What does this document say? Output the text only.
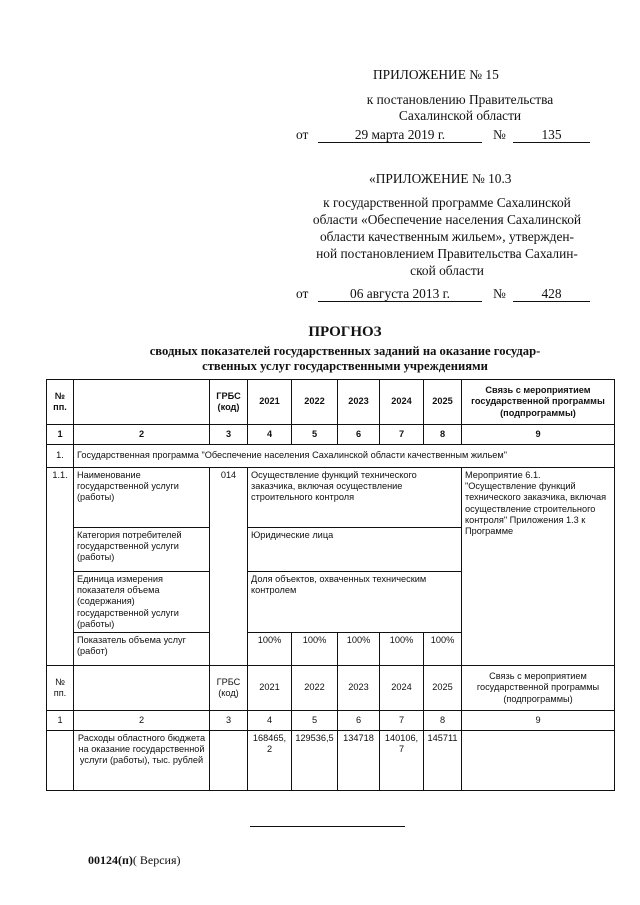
ПРИЛОЖЕНИЕ № 15
к постановлению Правительства
Сахалинской области
от	29 марта 2019 г.	№	135
«ПРИЛОЖЕНИЕ № 10.3
к государственной программе Сахалинской
области «Обеспечение населения Сахалинской
области качественным жильем», утвержден-
ной постановлением Правительства Сахалин-
ской области
от	06 августа 2013 г.	№	428
ПРОГНОЗ
сводных показателей государственных заданий на оказание государ-
ственных услуг государственными учреждениями
№ пп.		ГРБС (код)	2021	2022	2023	2024	2025	Связь с мероприятием государственной программы (подпрограммы)
1	2	3	4	5	6	7	8	9
1.	Государственная программа "Обеспечение населения Сахалинской области качественным жильем"							
1.1.	Наименование государственной услуги (работы)	014	Осуществление функций технического заказчика, включая осуществление строительного контроля					Мероприятие 6.1. "Осуществление функций технического заказчика, включая осуществление строительного контроля" Приложения 1.3 к Программе
	Категория потребителей государственной услуги (работы)		Юридические лица					
	Единица измерения показателя объема (содержания) государственной услуги (работы)		Доля объектов, охваченных техническим контролем					
	Показатель объема услуг (работ)		100%	100%	100%	100%	100%	
№ пп.		ГРБС (код)	2021	2022	2023	2024	2025	Связь с мероприятием государственной программы (подпрограммы)
1	2	3	4	5	6	7	8	9
	Расходы областного бюджета на оказание государственной услуги (работы), тыс. рублей		168465,2	129536,5	134718	140106,7	145711	
00124(п)( Версия)
